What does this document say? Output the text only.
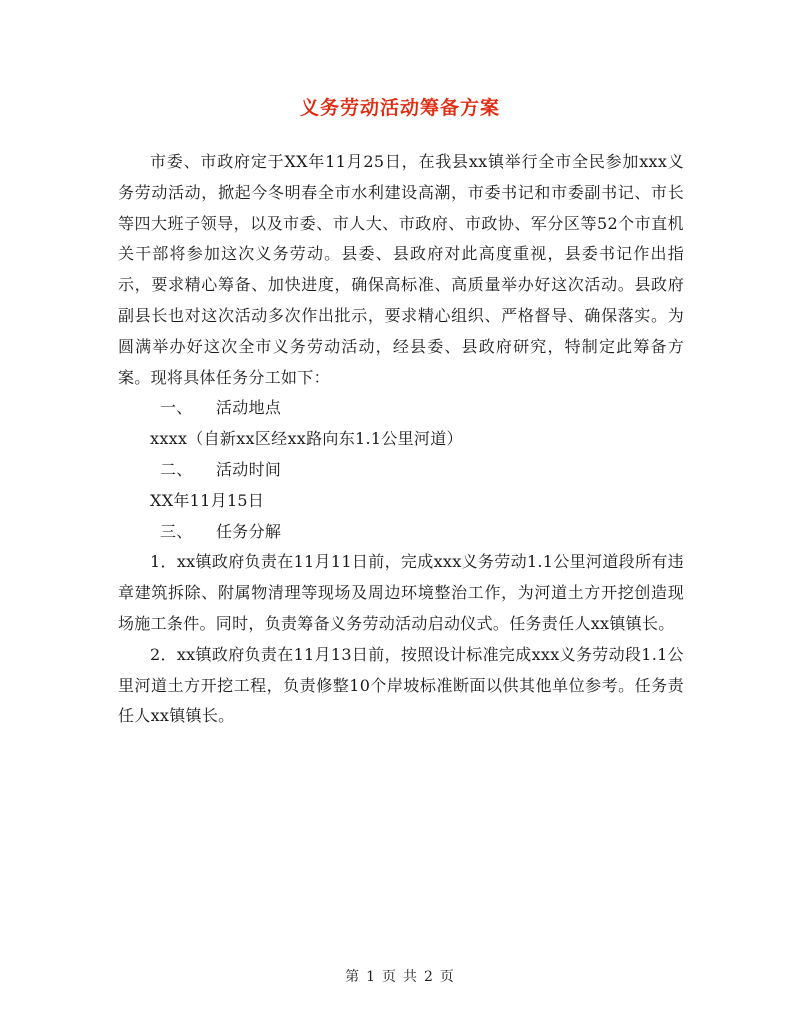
义务劳动活动筹备方案

市委、市政府定于XX年11月25日，在我县xx镇举行全市全民参加xxx义务劳动活动，掀起今冬明春全市水利建设高潮，市委书记和市委副书记、市长等四大班子领导，以及市委、市人大、市政府、市政协、军分区等52个市直机关干部将参加这次义务劳动。县委、县政府对此高度重视，县委书记作出指示，要求精心筹备、加快进度，确保高标准、高质量举办好这次活动。县政府副县长也对这次活动多次作出批示，要求精心组织、严格督导、确保落实。为圆满举办好这次全市义务劳动活动，经县委、县政府研究，特制定此筹备方案。现将具体任务分工如下：

一、 活动地点

xxxx（自新xx区经xx路向东1.1公里河道）

二、 活动时间

XX年11月15日

三、 任务分解

1．xx镇政府负责在11月11日前，完成xxx义务劳动1.1公里河道段所有违章建筑拆除、附属物清理等现场及周边环境整治工作，为河道土方开挖创造现场施工条件。同时，负责筹备义务劳动活动启动仪式。任务责任人xx镇镇长。

2．xx镇政府负责在11月13日前，按照设计标准完成xxx义务劳动段1.1公里河道土方开挖工程，负责修整10个岸坡标准断面以供其他单位参考。任务责任人xx镇镇长。

第 1 页 共 2 页
